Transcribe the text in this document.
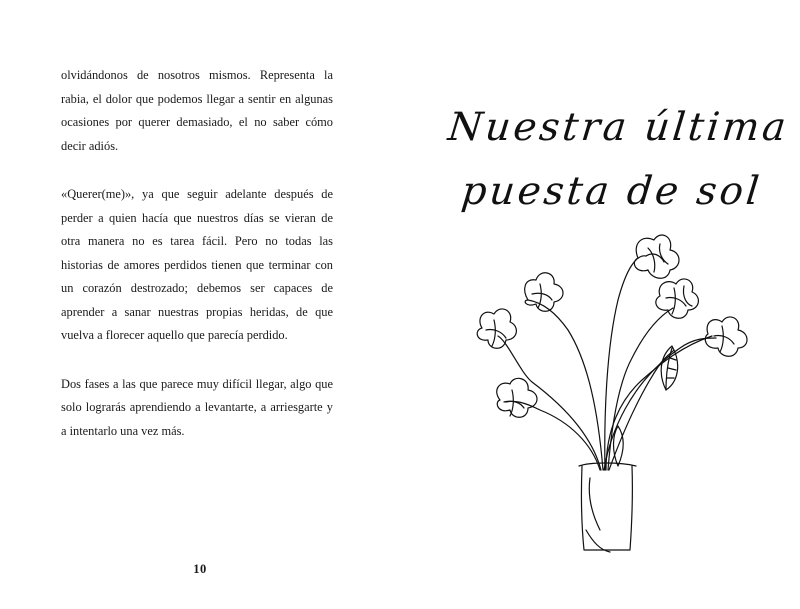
olvidándonos de nosotros mismos. Representa la rabia, el dolor que podemos llegar a sentir en algunas ocasiones por querer demasiado, el no saber cómo decir adiós.

«Querer(me)», ya que seguir adelante después de perder a quien hacía que nuestros días se vieran de otra manera no es tarea fácil. Pero no todas las historias de amores perdidos tienen que terminar con un corazón destrozado; debemos ser capaces de aprender a sanar nuestras propias heridas, de que vuelva a florecer aquello que parecía perdido.

Dos fases a las que parece muy difícil llegar, algo que solo lograrás aprendiendo a levantarte, a arriesgarte y a intentarlo una vez más.

10
Nuestra última
puesta de sol
